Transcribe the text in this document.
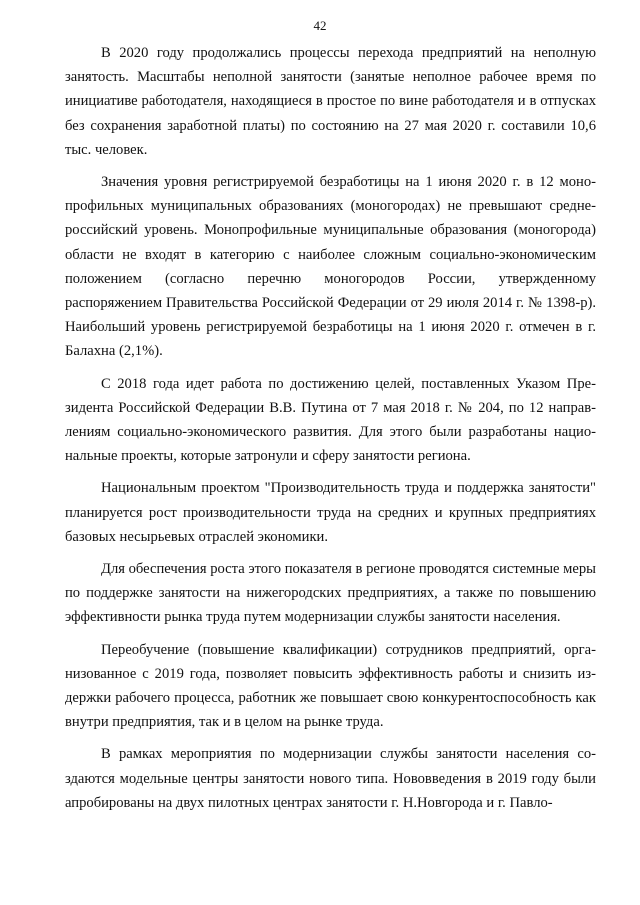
42

В 2020 году продолжались процессы перехода предприятий на неполную занятость. Масштабы неполной занятости (занятые неполное рабочее время по инициативе работодателя, находящиеся в простое по вине работодателя и в отпусках без сохранения заработной платы) по состоянию на 27 мая 2020 г. составили 10,6 тыс. человек.

Значения уровня регистрируемой безработицы на 1 июня 2020 г. в 12 монопрофильных муниципальных образованиях (моногородах) не превышают среднероссийский уровень. Монопрофильные муниципальные образования (моногорода) области не входят в категорию с наиболее сложным социально-экономическим положением (согласно перечню моногородов России, утвержденному распоряжением Правительства Российской Федерации от 29 июля 2014 г. № 1398-р). Наибольший уровень регистрируемой безработицы на 1 июня 2020 г. отмечен в г. Балахна (2,1%).

С 2018 года идет работа по достижению целей, поставленных Указом Президента Российской Федерации В.В. Путина от 7 мая 2018 г. № 204, по 12 направлениям социально-экономического развития. Для этого были разработаны национальные проекты, которые затронули и сферу занятости региона.

Национальным проектом "Производительность труда и поддержка занятости" планируется рост производительности труда на средних и крупных предприятиях базовых несырьевых отраслей экономики.

Для обеспечения роста этого показателя в регионе проводятся системные меры по поддержке занятости на нижегородских предприятиях, а также по повышению эффективности рынка труда путем модернизации службы занятости населения.

Переобучение (повышение квалификации) сотрудников предприятий, организованное с 2019 года, позволяет повысить эффективность работы и снизить издержки рабочего процесса, работник же повышает свою конкурентоспособность как внутри предприятия, так и в целом на рынке труда.

В рамках мероприятия по модернизации службы занятости населения создаются модельные центры занятости нового типа. Нововведения в 2019 году были апробированы на двух пилотных центрах занятости г. Н.Новгорода и г. Павло-
